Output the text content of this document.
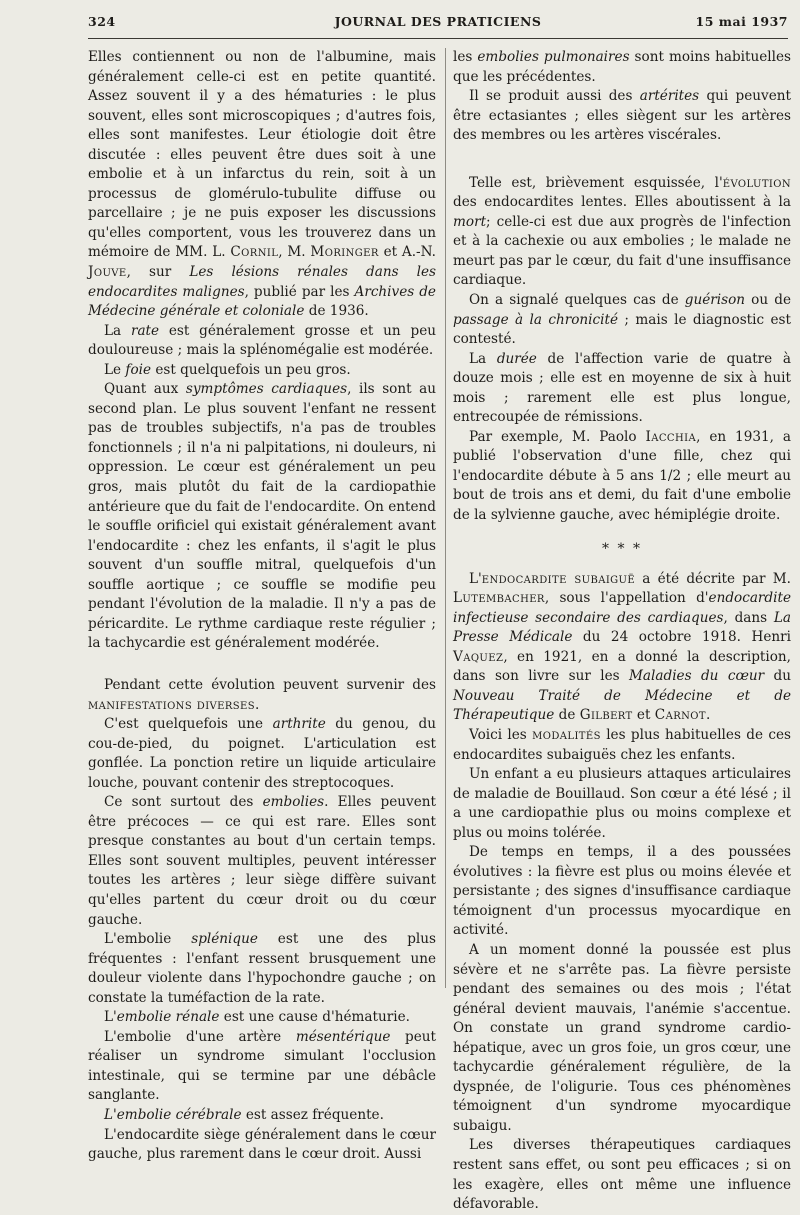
324	JOURNAL DES PRATICIENS	15 mai 1937

Elles contiennent ou non de l'albumine, mais généralement celle-ci est en petite quantité. Assez souvent il y a des hématuries : le plus souvent, elles sont microscopiques ; d'autres fois, elles sont manifestes. Leur étiologie doit être discutée : elles peuvent être dues soit à une embolie et à un infarctus du rein, soit à un processus de glomérulo-tubulite diffuse ou parcellaire ; je ne puis exposer les discussions qu'elles comportent, vous les trouverez dans un mémoire de MM. L. Cornil, M. Moringer et A.-N. Jouve, sur Les lésions rénales dans les endocardites malignes, publié par les Archives de Médecine générale et coloniale de 1936.

La rate est généralement grosse et un peu douloureuse ; mais la splénomégalie est modérée.

Le foie est quelquefois un peu gros.

Quant aux symptômes cardiaques, ils sont au second plan. Le plus souvent l'enfant ne ressent pas de troubles subjectifs, n'a pas de troubles fonctionnels ; il n'a ni palpitations, ni douleurs, ni oppression. Le cœur est généralement un peu gros, mais plutôt du fait de la cardiopathie antérieure que du fait de l'endocardite. On entend le souffle orificiel qui existait généralement avant l'endocardite : chez les enfants, il s'agit le plus souvent d'un souffle mitral, quelquefois d'un souffle aortique ; ce souffle se modifie peu pendant l'évolution de la maladie. Il n'y a pas de péricardite. Le rythme cardiaque reste régulier ; la tachycardie est généralement modérée.

Pendant cette évolution peuvent survenir des manifestations diverses.

C'est quelquefois une arthrite du genou, du cou-de-pied, du poignet. L'articulation est gonflée. La ponction retire un liquide articulaire louche, pouvant contenir des streptocoques.

Ce sont surtout des embolies. Elles peuvent être précoces — ce qui est rare. Elles sont presque constantes au bout d'un certain temps. Elles sont souvent multiples, peuvent intéresser toutes les artères ; leur siège diffère suivant qu'elles partent du cœur droit ou du cœur gauche.

L'embolie splénique est une des plus fréquentes : l'enfant ressent brusquement une douleur violente dans l'hypochondre gauche ; on constate la tuméfaction de la rate.

L'embolie rénale est une cause d'hématurie.

L'embolie d'une artère mésentérique peut réaliser un syndrome simulant l'occlusion intestinale, qui se termine par une débâcle sanglante.

L'embolie cérébrale est assez fréquente.

L'endocardite siège généralement dans le cœur gauche, plus rarement dans le cœur droit. Aussi

les embolies pulmonaires sont moins habituelles que les précédentes.

Il se produit aussi des artérites qui peuvent être ectasiantes ; elles siègent sur les artères des membres ou les artères viscérales.

Telle est, brièvement esquissée, l'évolution des endocardites lentes. Elles aboutissent à la mort; celle-ci est due aux progrès de l'infection et à la cachexie ou aux embolies ; le malade ne meurt pas par le cœur, du fait d'une insuffisance cardiaque.

On a signalé quelques cas de guérison ou de passage à la chronicité ; mais le diagnostic est contesté.

La durée de l'affection varie de quatre à douze mois ; elle est en moyenne de six à huit mois ; rarement elle est plus longue, entrecoupée de rémissions.

Par exemple, M. Paolo Iacchia, en 1931, a publié l'observation d'une fille, chez qui l'endocardite débute à 5 ans 1/2 ; elle meurt au bout de trois ans et demi, du fait d'une embolie de la sylvienne gauche, avec hémiplégie droite.

* * *

L'endocardite subaiguë a été décrite par M. Lutembacher, sous l'appellation d'endocardite infectieuse secondaire des cardiaques, dans La Presse Médicale du 24 octobre 1918. Henri Vaquez, en 1921, en a donné la description, dans son livre sur les Maladies du cœur du Nouveau Traité de Médecine et de Thérapeutique de Gilbert et Carnot.

Voici les modalités les plus habituelles de ces endocardites subaiguës chez les enfants.

Un enfant a eu plusieurs attaques articulaires de maladie de Bouillaud. Son cœur a été lésé ; il a une cardiopathie plus ou moins complexe et plus ou moins tolérée.

De temps en temps, il a des poussées évolutives : la fièvre est plus ou moins élevée et persistante ; des signes d'insuffisance cardiaque témoignent d'un processus myocardique en activité.

A un moment donné la poussée est plus sévère et ne s'arrête pas. La fièvre persiste pendant des semaines ou des mois ; l'état général devient mauvais, l'anémie s'accentue. On constate un grand syndrome cardio-hépatique, avec un gros foie, un gros cœur, une tachycardie généralement régulière, de la dyspnée, de l'oligurie. Tous ces phénomènes témoignent d'un syndrome myocardique subaigu.

Les diverses thérapeutiques cardiaques restent sans effet, ou sont peu efficaces ; si on les exagère, elles ont même une influence défavorable.
